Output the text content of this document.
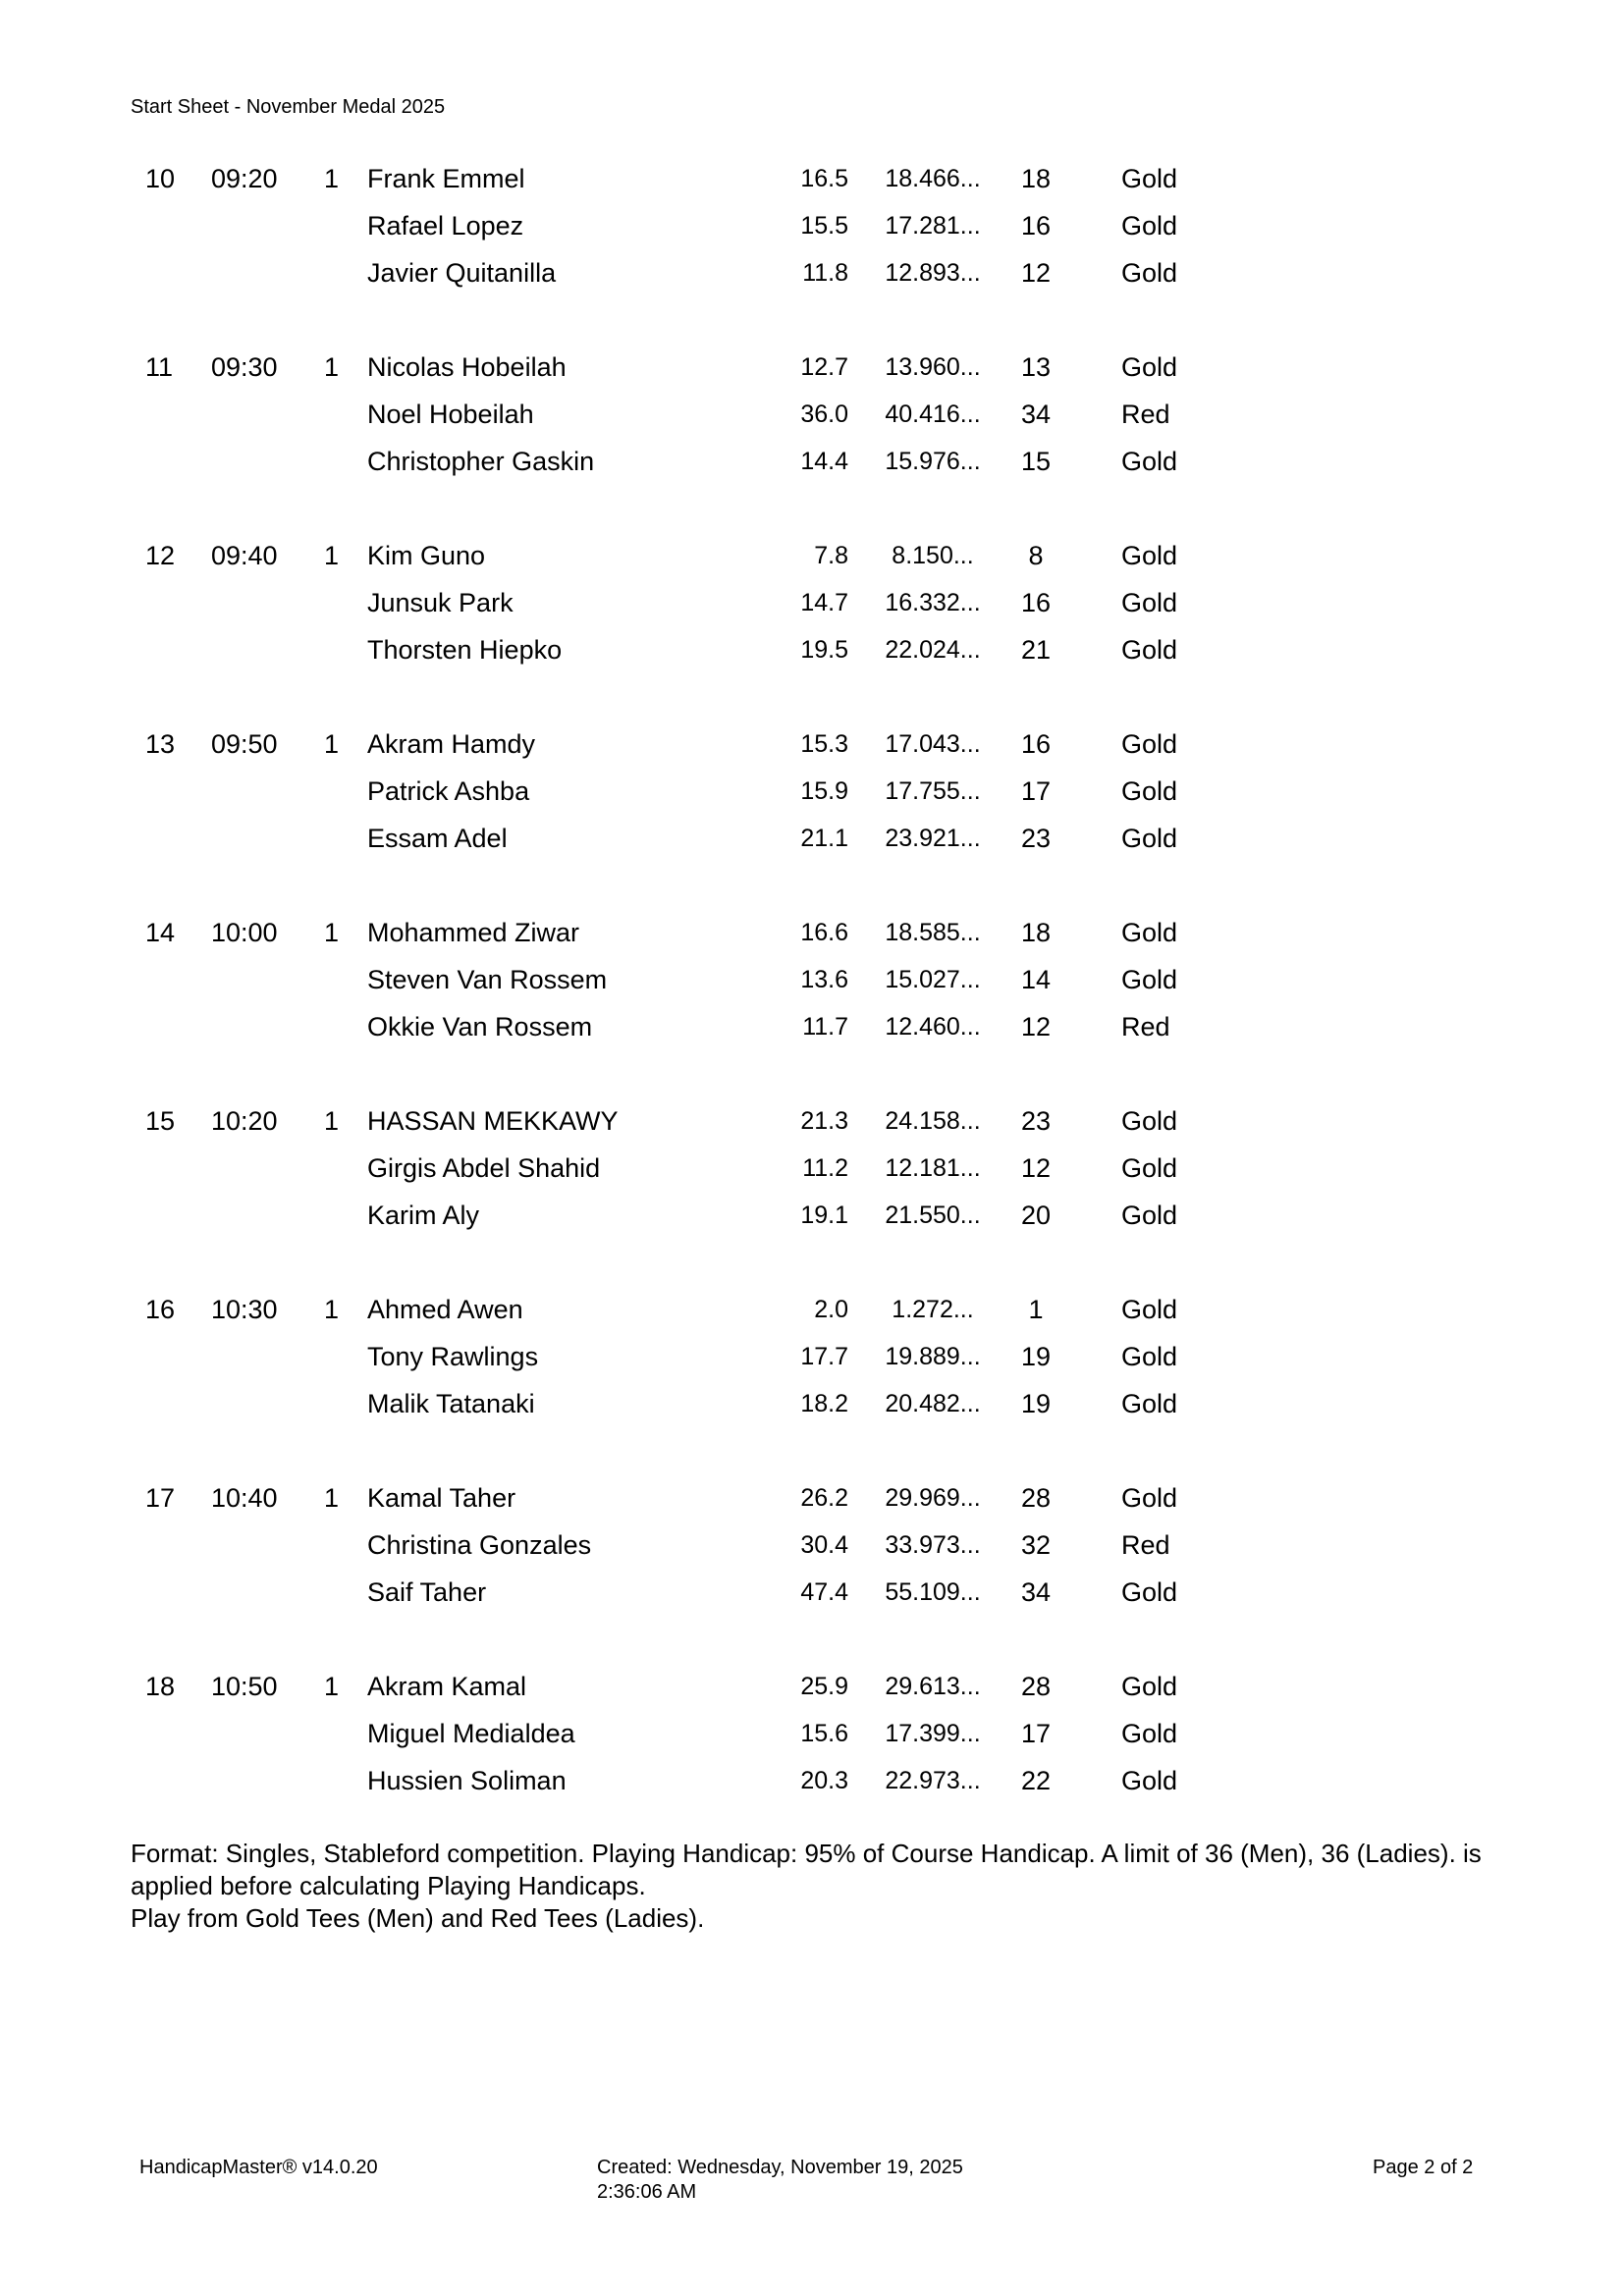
Start Sheet - November Medal 2025
10 09:20 1 Frank Emmel	16.5 18.466...	18	Gold
Rafael Lopez	15.5 17.281...	16	Gold
Javier Quitanilla	11.8 12.893...	12	Gold
11 09:30 1 Nicolas Hobeilah	12.7 13.960...	13	Gold
Noel Hobeilah	36.0 40.416...	34	Red
Christopher Gaskin	14.4 15.976...	15	Gold
12 09:40 1 Kim Guno	7.8	8.150...	8	Gold
Junsuk Park	14.7 16.332...	16	Gold
Thorsten Hiepko	19.5 22.024...	21	Gold
13 09:50 1 Akram Hamdy	15.3 17.043...	16	Gold
Patrick Ashba	15.9 17.755...	17	Gold
Essam Adel	21.1 23.921...	23	Gold
14 10:00 1 Mohammed Ziwar	16.6 18.585...	18	Gold
Steven Van Rossem	13.6 15.027...	14	Gold
Okkie Van Rossem	11.7 12.460...	12	Red
15 10:20 1 HASSAN MEKKAWY	21.3 24.158...	23	Gold
Girgis Abdel Shahid	11.2 12.181...	12	Gold
Karim Aly	19.1 21.550...	20	Gold
16 10:30 1 Ahmed Awen	2.0	1.272...	1	Gold
Tony Rawlings	17.7 19.889...	19	Gold
Malik Tatanaki	18.2 20.482...	19	Gold
17 10:40 1 Kamal Taher	26.2 29.969...	28	Gold
Christina Gonzales	30.4 33.973...	32	Red
Saif Taher	47.4 55.109...	34	Gold
18 10:50 1 Akram Kamal	25.9 29.613...	28	Gold
Miguel Medialdea	15.6 17.399...	17	Gold
Hussien Soliman	20.3 22.973...	22	Gold
Format: Singles, Stableford competition. Playing Handicap: 95% of Course Handicap. A limit of 36 (Men), 36 (Ladies). is applied before calculating Playing Handicaps.
Play from Gold Tees (Men) and Red Tees (Ladies).
HandicapMaster® v14.0.20	Created: Wednesday, November 19, 2025
2:36:06 AM
Page 2 of 2
